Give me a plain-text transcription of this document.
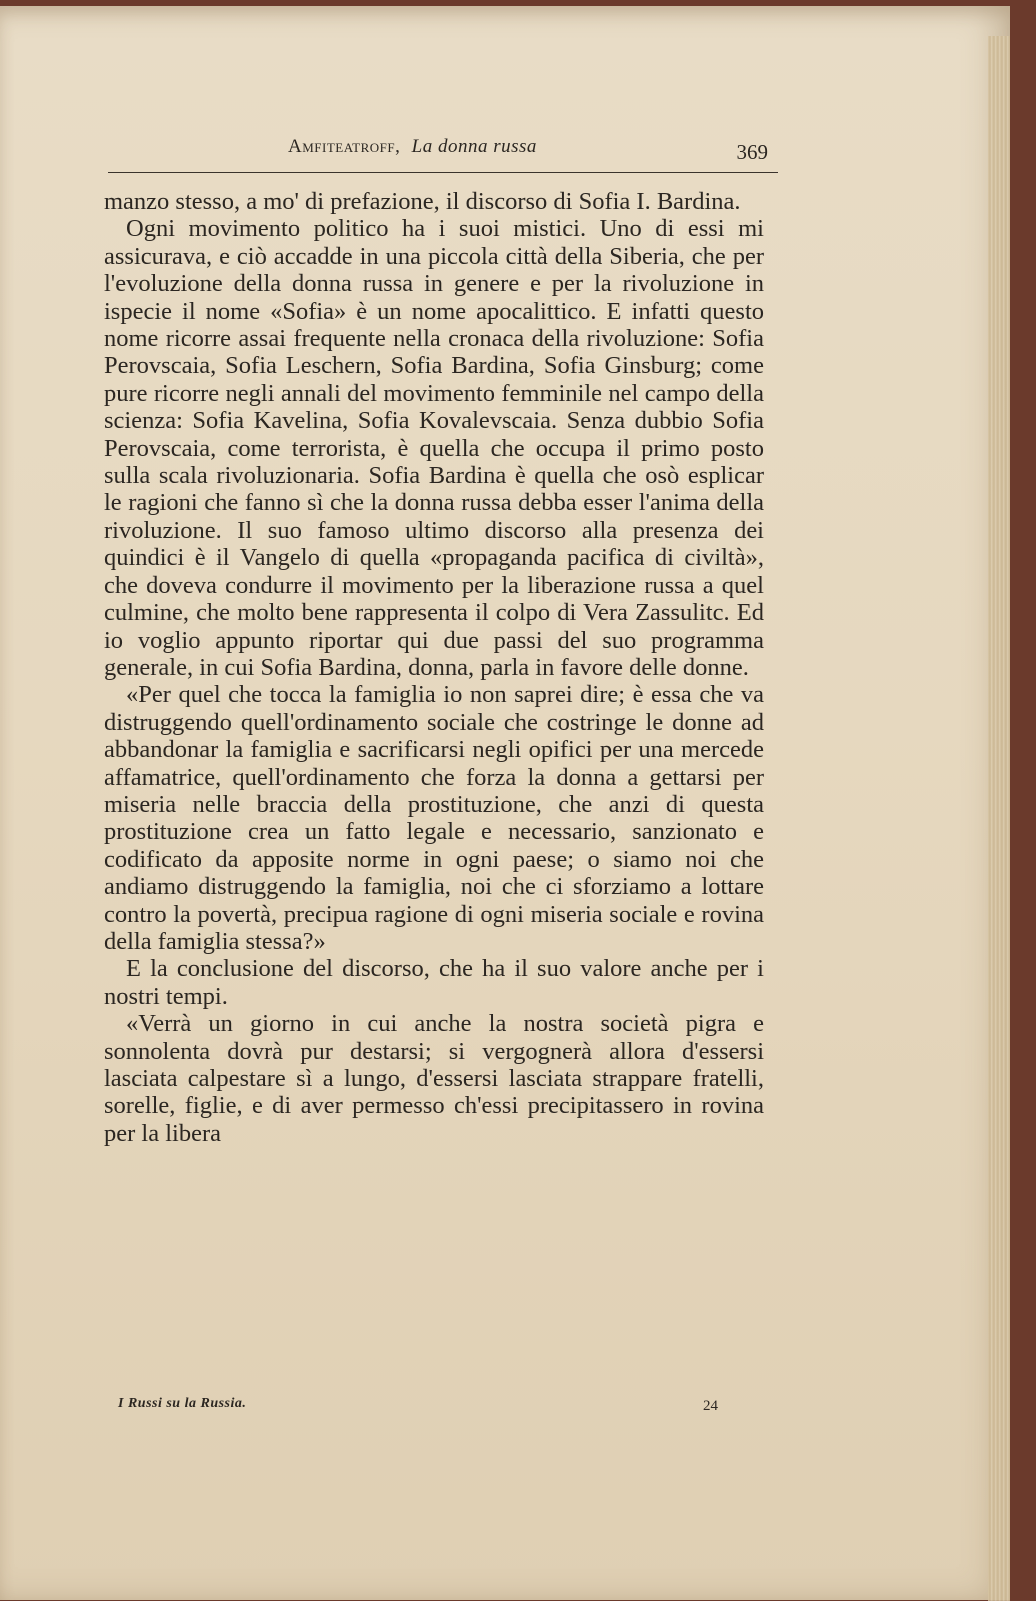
Amfiteatroff, La donna russa	369

manzo stesso, a mo' di prefazione, il discorso di Sofia I. Bardina.

Ogni movimento politico ha i suoi mistici. Uno di essi mi assicurava, e ciò accadde in una piccola città della Siberia, che per l'evoluzione della donna russa in genere e per la rivoluzione in ispecie il nome «Sofia» è un nome apocalittico. E infatti questo nome ricorre assai frequente nella cronaca della rivoluzione: Sofia Perovscaia, Sofia Leschern, Sofia Bardina, Sofia Ginsburg; come pure ricorre negli annali del movimento femminile nel campo della scienza: Sofia Kavelina, Sofia Kovalevscaia. Senza dubbio Sofia Perovscaia, come terrorista, è quella che occupa il primo posto sulla scala rivoluzionaria. Sofia Bardina è quella che osò esplicar le ragioni che fanno sì che la donna russa debba esser l'anima della rivoluzione. Il suo famoso ultimo discorso alla presenza dei quindici è il Vangelo di quella «propaganda pacifica di civiltà», che doveva condurre il movimento per la liberazione russa a quel culmine, che molto bene rappresenta il colpo di Vera Zassulitc. Ed io voglio appunto riportar qui due passi del suo programma generale, in cui Sofia Bardina, donna, parla in favore delle donne.

«Per quel che tocca la famiglia io non saprei dire; è essa che va distruggendo quell'ordinamento sociale che costringe le donne ad abbandonar la famiglia e sacrificarsi negli opifici per una mercede affamatrice, quell'ordinamento che forza la donna a gettarsi per miseria nelle braccia della prostituzione, che anzi di questa prostituzione crea un fatto legale e necessario, sanzionato e codificato da apposite norme in ogni paese; o siamo noi che andiamo distruggendo la famiglia, noi che ci sforziamo a lottare contro la povertà, precipua ragione di ogni miseria sociale e rovina della famiglia stessa?»

E la conclusione del discorso, che ha il suo valore anche per i nostri tempi.

«Verrà un giorno in cui anche la nostra società pigra e sonnolenta dovrà pur destarsi; si vergognerà allora d'essersi lasciata calpestare sì a lungo, d'essersi lasciata strappare fratelli, sorelle, figlie, e di aver permesso ch'essi precipitassero in rovina per la libera

I Russi su la Russia.	24
